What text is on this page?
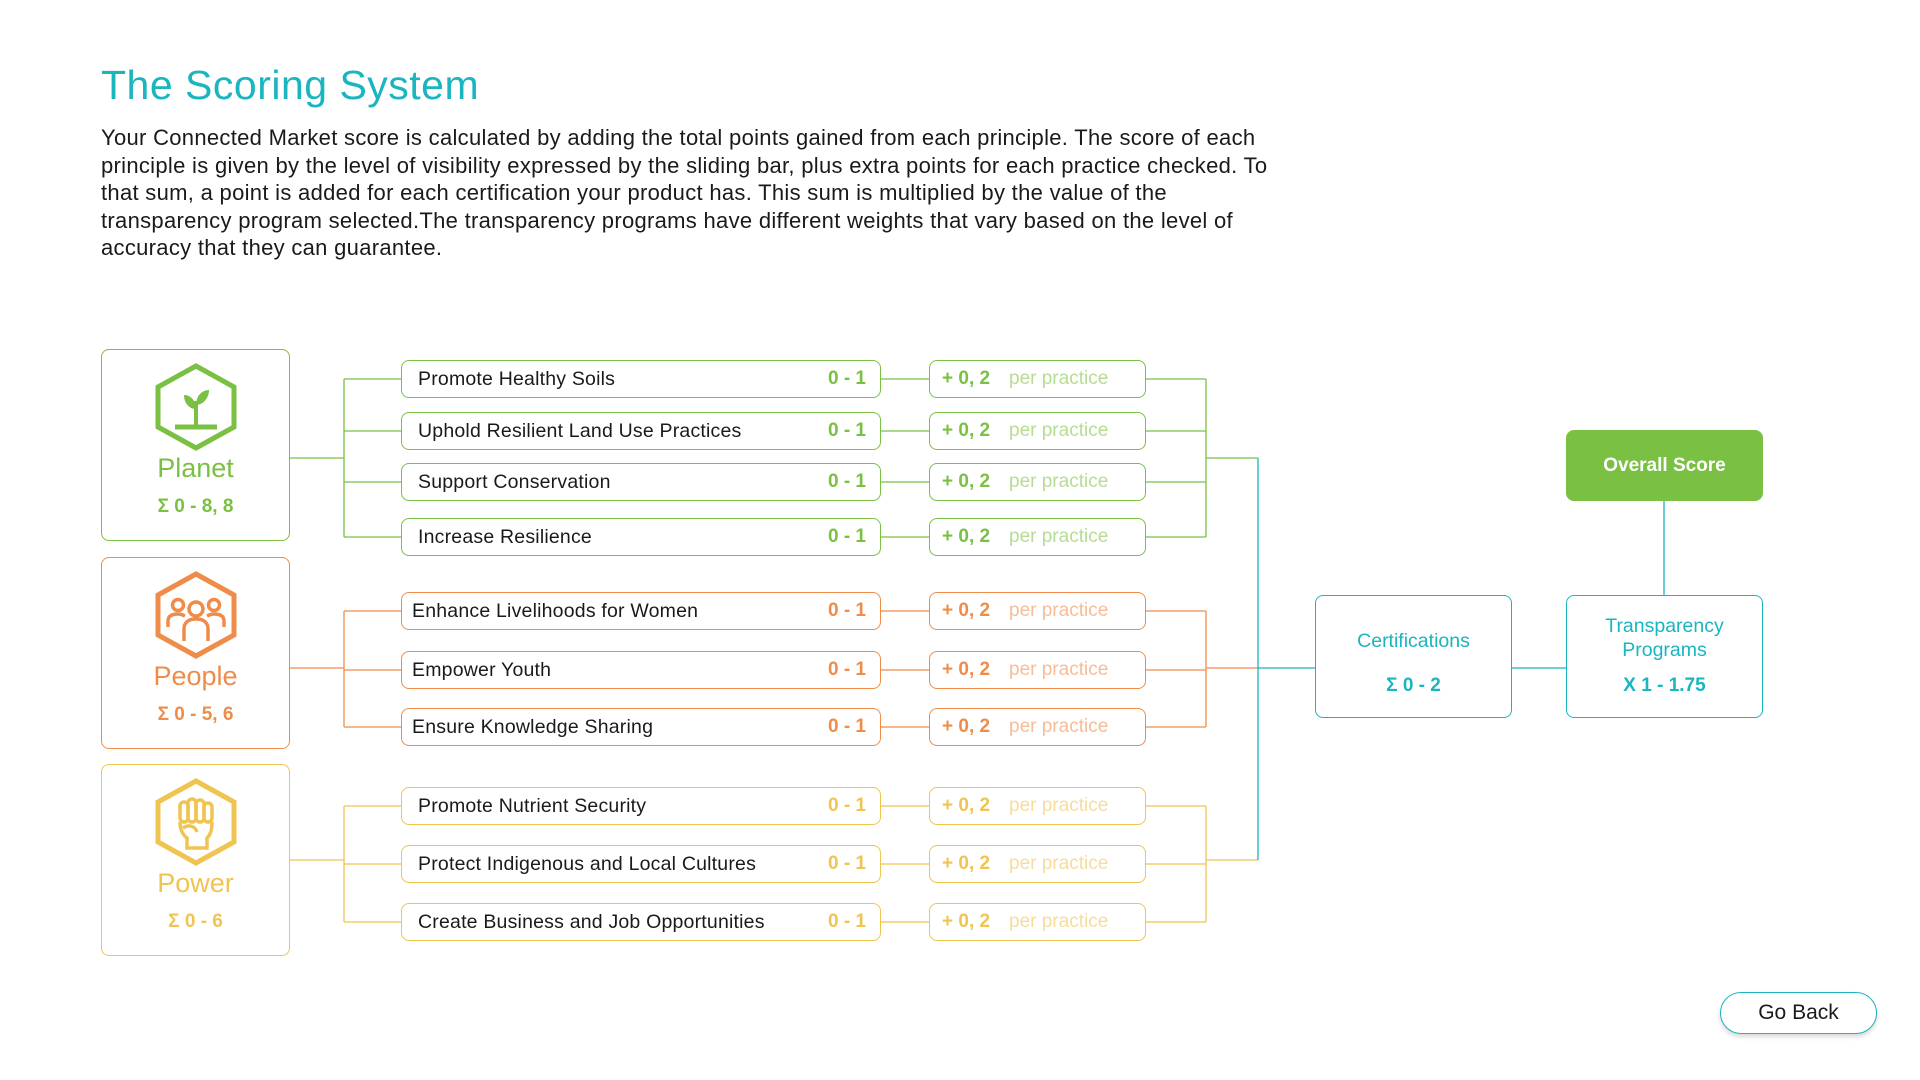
The Scoring System

Your Connected Market score is calculated by adding the total points gained from each principle. The score of each principle is given by the level of visibility expressed by the sliding bar, plus extra points for each practice checked. To that sum, a point is added for each certification your product has. This sum is multiplied by the value of the transparency program selected.The transparency programs have different weights that vary based on the level of accuracy that they can guarantee.

Planet
Σ 0 - 8, 8
People
Σ 0 - 5, 6
Power
Σ 0 - 6
Promote Healthy Soils	0 - 1
Uphold Resilient Land Use Practices	0 - 1
Support Conservation	0 - 1
Increase Resilience	0 - 1
Enhance Livelihoods for Women	0 - 1
Empower Youth	0 - 1
Ensure Knowledge Sharing	0 - 1
Promote Nutrient Security	0 - 1
Protect Indigenous and Local Cultures	0 - 1
Create Business and Job Opportunities	0 - 1
+ 0, 2 per practice
+ 0, 2 per practice
+ 0, 2 per practice
+ 0, 2 per practice
+ 0, 2 per practice
+ 0, 2 per practice
+ 0, 2 per practice
+ 0, 2 per practice
+ 0, 2 per practice
+ 0, 2 per practice
Certifications
Σ 0 - 2
Transparency Programs
X 1 - 1.75
Overall Score
Go Back
